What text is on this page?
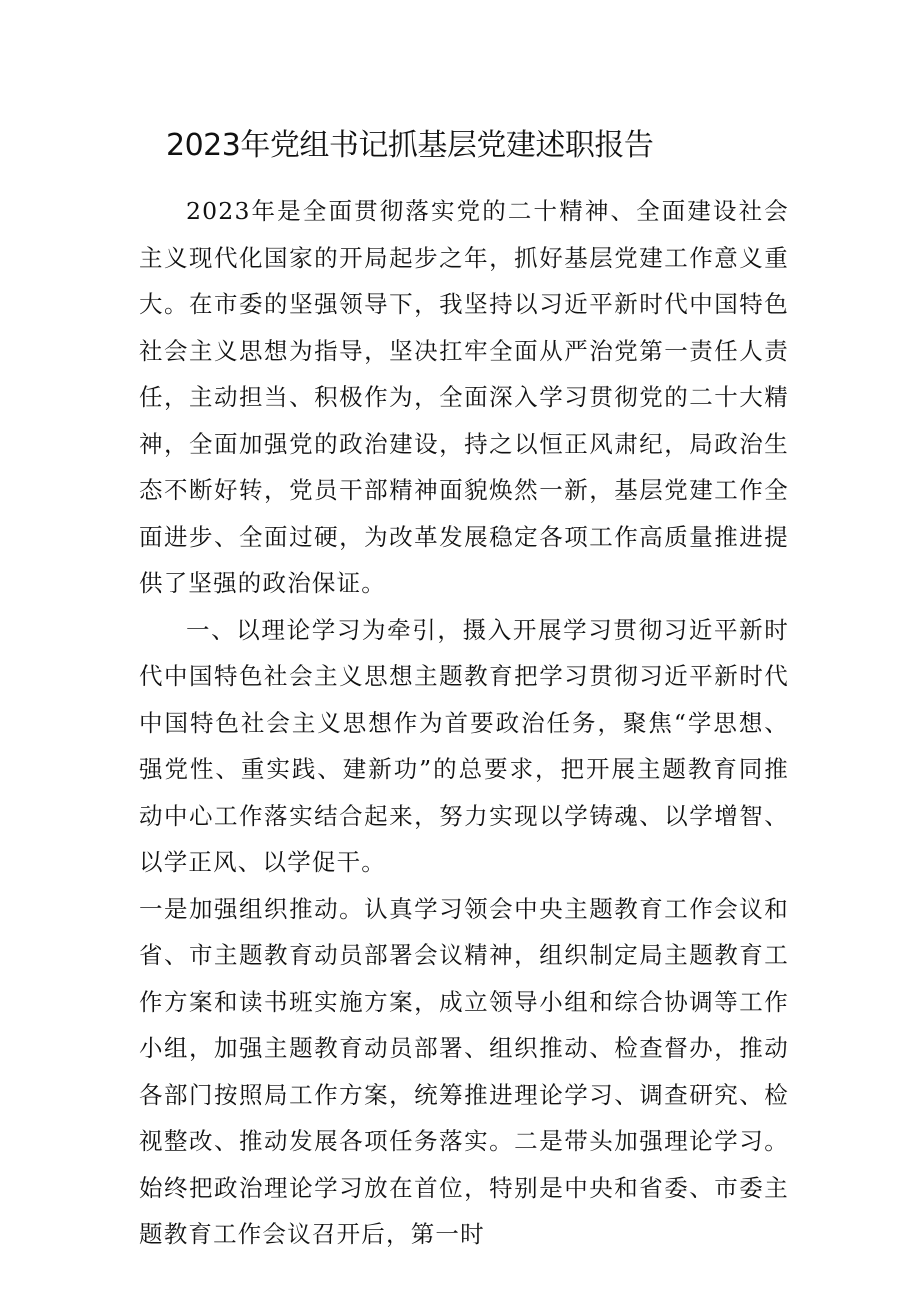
2023年党组书记抓基层党建述职报告

2023年是全面贯彻落实党的二十精神、全面建设社会主义现代化国家的开局起步之年，抓好基层党建工作意义重大。在市委的坚强领导下，我坚持以习近平新时代中国特色社会主义思想为指导，坚决扛牢全面从严治党第一责任人责任，主动担当、积极作为，全面深入学习贯彻党的二十大精神，全面加强党的政治建设，持之以恒正风肃纪，局政治生态不断好转，党员干部精神面貌焕然一新，基层党建工作全面进步、全面过硬，为改革发展稳定各项工作高质量推进提供了坚强的政治保证。

一、以理论学习为牵引，摄入开展学习贯彻习近平新时代中国特色社会主义思想主题教育把学习贯彻习近平新时代中国特色社会主义思想作为首要政治任务，聚焦“学思想、强党性、重实践、建新功”的总要求，把开展主题教育同推动中心工作落实结合起来，努力实现以学铸魂、以学增智、以学正风、以学促干。

一是加强组织推动。认真学习领会中央主题教育工作会议和省、市主题教育动员部署会议精神，组织制定局主题教育工作方案和读书班实施方案，成立领导小组和综合协调等工作小组，加强主题教育动员部署、组织推动、检查督办，推动各部门按照局工作方案，统筹推进理论学习、调查研究、检视整改、推动发展各项任务落实。二是带头加强理论学习。始终把政治理论学习放在首位，特别是中央和省委、市委主题教育工作会议召开后，第一时
